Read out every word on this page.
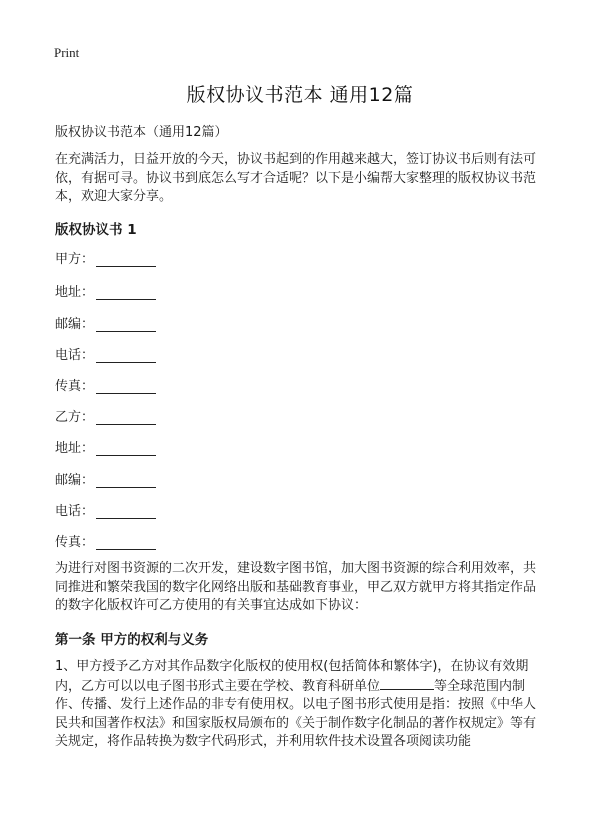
Print
版权协议书范本 通用12篇
版权协议书范本（通用12篇）

在充满活力，日益开放的今天，协议书起到的作用越来越大，签订协议书后则有法可依，有据可寻。协议书到底怎么写才合适呢？以下是小编帮大家整理的版权协议书范本，欢迎大家分享。

版权协议书 1
甲方：
地址：
邮编：
电话：
传真：
乙方：
地址：
邮编：
电话：
传真：

为进行对图书资源的二次开发，建设数字图书馆，加大图书资源的综合利用效率，共同推进和繁荣我国的数字化网络出版和基础教育事业，甲乙双方就甲方将其指定作品的数字化版权许可乙方使用的有关事宜达成如下协议：

第一条 甲方的权利与义务

1、甲方授予乙方对其作品数字化版权的使用权(包括简体和繁体字)，在协议有效期内，乙方可以以电子图书形式主要在学校、教育科研单位	等全球范围内制作、传播、发行上述作品的非专有使用权。以电子图书形式使用是指：按照《中华人民共和国著作权法》和国家版权局颁布的《关于制作数字化制品的著作权规定》等有关规定，将作品转换为数字代码形式，并利用软件技术设置各项阅读功能
